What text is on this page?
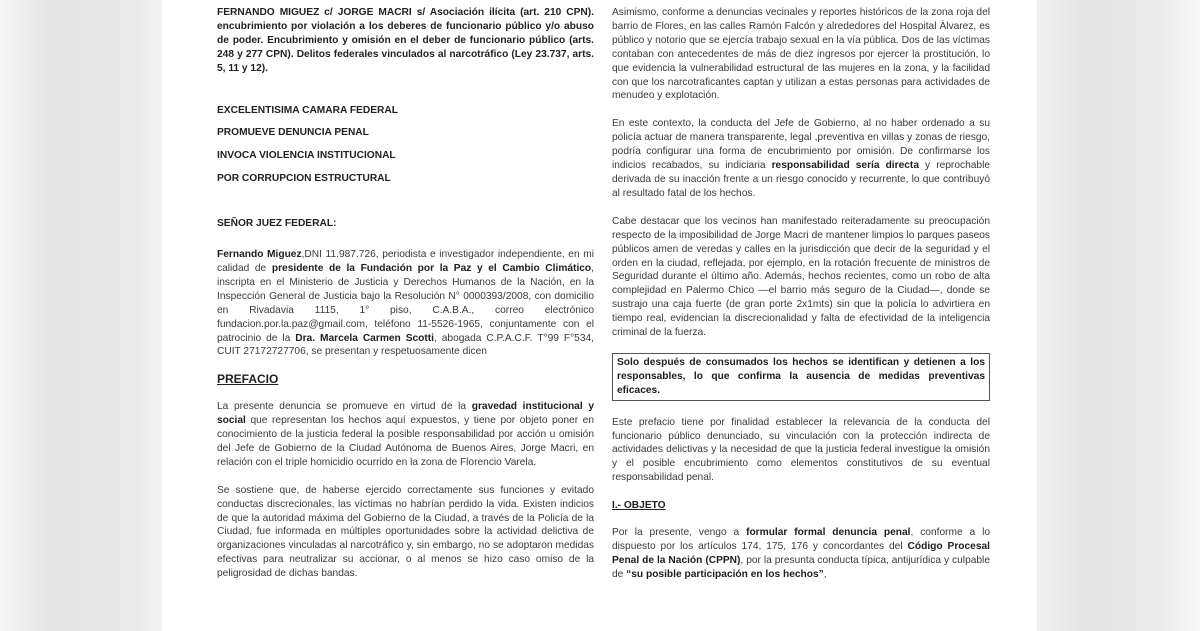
FERNANDO MIGUEZ c/ JORGE MACRI s/ Asociación ilícita (art. 210 CPN). encubrimiento por violación a los deberes de funcionario público y/o abuso de poder. Encubrimiento y omisión en el deber de funcionario público (arts. 248 y 277 CPN). Delitos federales vinculados al narcotráfico (Ley 23.737, arts. 5, 11 y 12).

EXCELENTISIMA CAMARA FEDERAL

PROMUEVE DENUNCIA PENAL

INVOCA VIOLENCIA INSTITUCIONAL

POR CORRUPCION ESTRUCTURAL

SEÑOR JUEZ FEDERAL:

Fernando Miguez,DNI 11.987.726, periodista e investigador independiente, en mi calidad de presidente de la Fundación por la Paz y el Cambio Climático, inscripta en el Ministerio de Justicia y Derechos Humanos de la Nación, en la Inspección General de Justicia bajo la Resolución N° 0000393/2008, con domicilio en Rivadavia 1115, 1° piso, C.A.B.A., correo electrónico fundacion.por.la.paz@gmail.com, teléfono 11-5526-1965, conjuntamente con el patrocinio de la Dra. Marcela Carmen Scotti, abogada C.P.A.C.F. T°99 F°534, CUIT 27172727706, se presentan y respetuosamente dicen

PREFACIO

La presente denuncia se promueve en virtud de la gravedad institucional y social que representan los hechos aquí expuestos, y tiene por objeto poner en conocimiento de la justicia federal la posible responsabilidad por acción u omisión del Jefe de Gobierno de la Ciudad Autónoma de Buenos Aires, Jorge Macri, en relación con el triple homicidio ocurrido en la zona de Florencio Varela.

Se sostiene que, de haberse ejercido correctamente sus funciones y evitado conductas discrecionales, las víctimas no habrían perdido la vida. Existen indicios de que la autoridad máxima del Gobierno de la Ciudad, a través de la Policía de la Ciudad, fue informada en múltiples oportunidades sobre la actividad delictiva de organizaciones vinculadas al narcotráfico y, sin embargo, no se adoptaron medidas efectivas para neutralizar su accionar, o al menos se hizo caso omiso de la peligrosidad de dichas bandas.

Asimismo, conforme a denuncias vecinales y reportes históricos de la zona roja del barrio de Flores, en las calles Ramón Falcón y alrededores del Hospital Álvarez, es público y notorio que se ejercía trabajo sexual en la vía pública. Dos de las víctimas contaban con antecedentes de más de diez ingresos por ejercer la prostitución, lo que evidencia la vulnerabilidad estructural de las mujeres en la zona, y la facilidad con que los narcotraficantes captan y utilizan a estas personas para actividades de menudeo y explotación.

En este contexto, la conducta del Jefe de Gobierno, al no haber ordenado a su policía actuar de manera transparente, legal ,preventiva en villas y zonas de riesgo, podría configurar una forma de encubrimiento por omisión. De confirmarse los indicios recabados, su indiciaria responsabilidad sería directa y reprochable derivada de su inacción frente a un riesgo conocido y recurrente, lo que contribuyó al resultado fatal de los hechos.

Cabe destacar que los vecinos han manifestado reiteradamente su preocupación respecto de la imposibilidad de Jorge Macri de mantener limpios lo parques paseos públicos amen de veredas y calles en la jurisdicción que decir de la seguridad y el orden en la ciudad, reflejada, por ejemplo, en la rotación frecuente de ministros de Seguridad durante el último año. Además, hechos recientes, como un robo de alta complejidad en Palermo Chico —el barrio más seguro de la Ciudad—, donde se sustrajo una caja fuerte (de gran porte 2x1mts) sin que la policía lo advirtiera en tiempo real, evidencian la discrecionalidad y falta de efectividad de la inteligencia criminal de la fuerza.

Solo después de consumados los hechos se identifican y detienen a los responsables, lo que confirma la ausencia de medidas preventivas eficaces.

Este prefacio tiene por finalidad establecer la relevancia de la conducta del funcionario público denunciado, su vinculación con la protección indirecta de actividades delictivas y la necesidad de que la justicia federal investigue la omisión y el posible encubrimiento como elementos constitutivos de su eventual responsabilidad penal.

I.- OBJETO

Por la presente, vengo a formular formal denuncia penal, conforme a lo dispuesto por los artículos 174, 175, 176 y concordantes del Código Procesal Penal de la Nación (CPPN), por la presunta conducta típica, antijurídica y culpable de “su posible participación en los hechos”,
